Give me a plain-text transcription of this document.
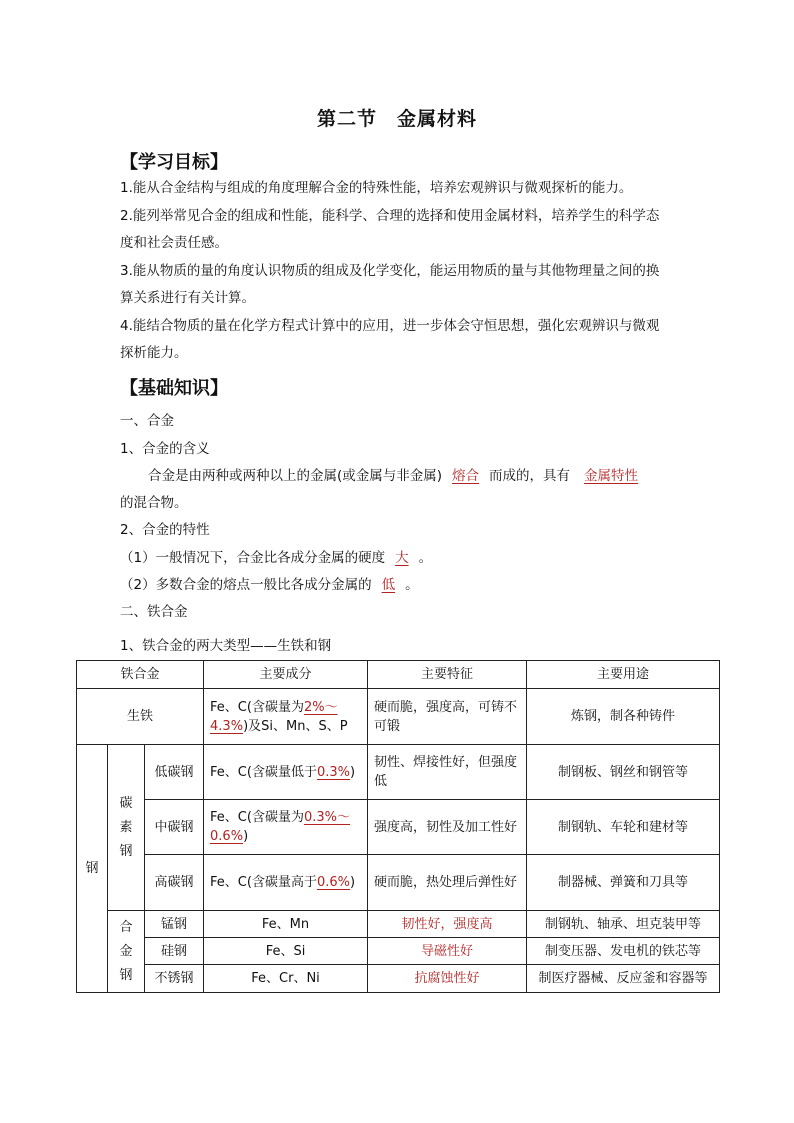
第二节　金属材料
【学习目标】
1.能从合金结构与组成的角度理解合金的特殊性能，培养宏观辨识与微观探析的能力。
2.能列举常见合金的组成和性能，能科学、合理的选择和使用金属材料，培养学生的科学态
度和社会责任感。
3.能从物质的量的角度认识物质的组成及化学变化，能运用物质的量与其他物理量之间的换
算关系进行有关计算。
4.能结合物质的量在化学方程式计算中的应用，进一步体会守恒思想，强化宏观辨识与微观
探析能力。
【基础知识】
一、合金
1、合金的含义
合金是由两种或两种以上的金属(或金属与非金属) 熔合 而成的，具有 金属特性
的混合物。
2、合金的特性
（1）一般情况下，合金比各成分金属的硬度 大 。
（2）多数合金的熔点一般比各成分金属的 低 。
二、铁合金
1、铁合金的两大类型——生铁和钢
铁合金			主要成分	主要特征	主要用途
生铁			Fe、C(含碳量为2%～4.3%)及Si、Mn、S、P	硬而脆，强度高，可铸不可锻	炼钢，制各种铸件
钢	碳素钢	低碳钢	Fe、C(含碳量低于0.3%)	韧性、焊接性好，但强度低	制钢板、钢丝和钢管等
		中碳钢	Fe、C(含碳量为0.3%～0.6%)	强度高，韧性及加工性好	制钢轨、车轮和建材等
		高碳钢	Fe、C(含碳量高于0.6%)	硬而脆，热处理后弹性好	制器械、弹簧和刀具等
	合金钢	锰钢	Fe、Mn	韧性好，强度高	制钢轨、轴承、坦克装甲等
		硅钢	Fe、Si	导磁性好	制变压器、发电机的铁芯等
		不锈钢	Fe、Cr、Ni	抗腐蚀性好	制医疗器械、反应釜和容器等
